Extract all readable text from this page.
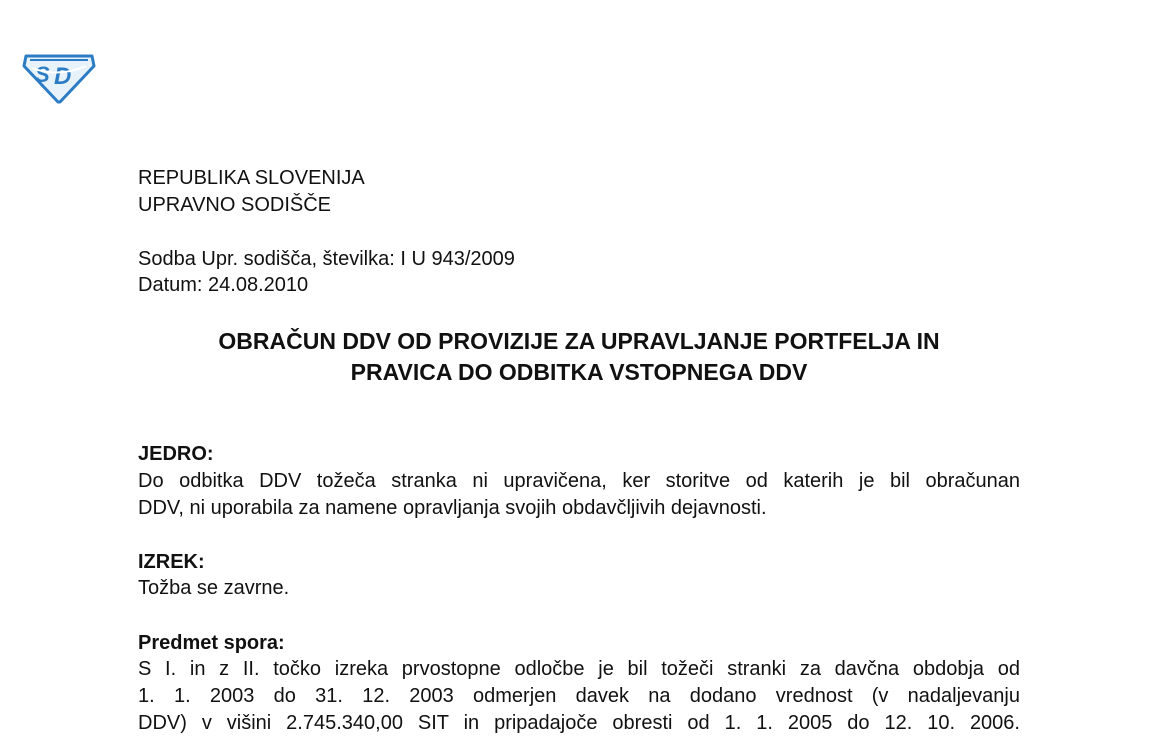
S D
REPUBLIKA SLOVENIJA
UPRAVNO SODIŠČE
Sodba Upr. sodišča, številka: I U 943/2009
Datum: 24.08.2010
OBRAČUN DDV OD PROVIZIJE ZA UPRAVLJANJE PORTFELJA IN
PRAVICA DO ODBITKA VSTOPNEGA DDV
JEDRO:
Do odbitka DDV tožeča stranka ni upravičena, ker storitve od katerih je bil obračunan
DDV, ni uporabila za namene opravljanja svojih obdavčljivih dejavnosti.
IZREK:
Tožba se zavrne.
Predmet spora:
S I. in z II. točko izreka prvostopne odločbe je bil tožeči stranki za davčna obdobja od
1. 1. 2003 do 31. 12. 2003 odmerjen davek na dodano vrednost (v nadaljevanju
DDV) v višini 2.745.340,00 SIT in pripadajoče obresti od 1. 1. 2005 do 12. 10. 2006.
